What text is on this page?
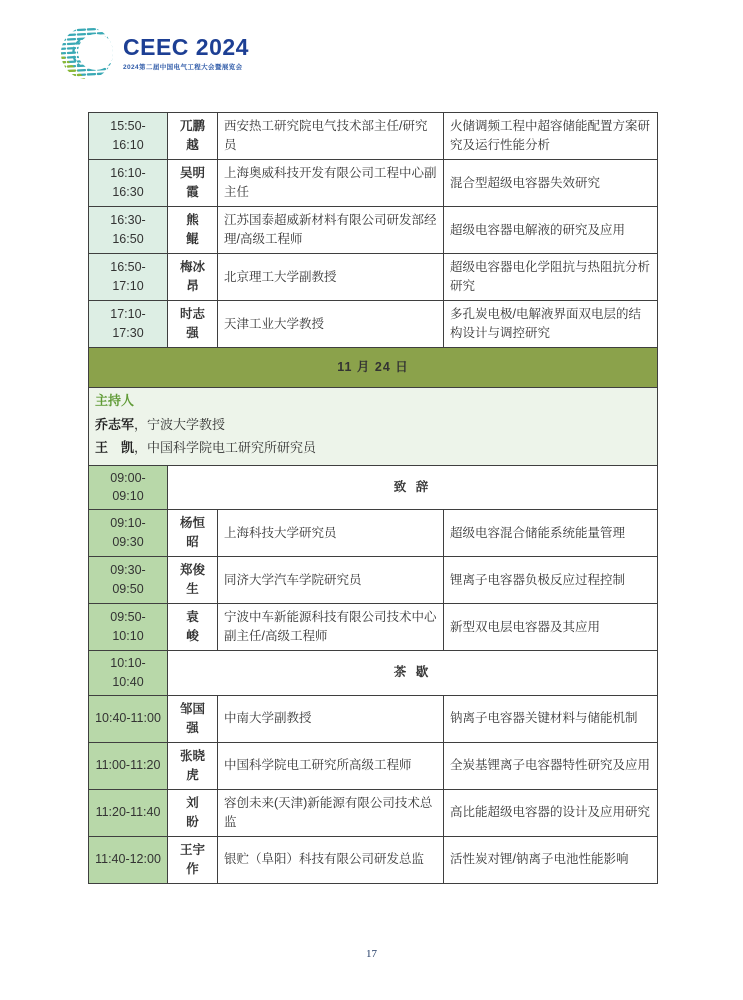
CEEC 2024
2024第二届中国电气工程大会暨展览会
15:50-16:10	兀鹏越	西安热工研究院电气技术部主任/研究员	火储调频工程中超容储能配置方案研究及运行性能分析
16:10-16:30	吴明霞	上海奥威科技开发有限公司工程中心副主任	混合型超级电容器失效研究
16:30-16:50	熊　鲲	江苏国泰超威新材料有限公司研发部经理/高级工程师	超级电容器电解液的研究及应用
16:50-17:10	梅冰昂	北京理工大学副教授	超级电容器电化学阻抗与热阻抗分析研究
17:10-17:30	时志强	天津工业大学教授	多孔炭电极/电解液界面双电层的结构设计与调控研究
11 月 24 日			

主持人
乔志军，宁波大学教授
王　凯，中国科学院电工研究所研究员			

09:00-09:10	致 辞		
09:10-09:30	杨恒昭	上海科技大学研究员	超级电容混合储能系统能量管理
09:30-09:50	郑俊生	同济大学汽车学院研究员	锂离子电容器负极反应过程控制
09:50-10:10	袁　峻	宁波中车新能源科技有限公司技术中心副主任/高级工程师	新型双电层电容器及其应用
10:10-10:40	茶 歇		
10:40-11:00	邹国强	中南大学副教授	钠离子电容器关键材料与储能机制
11:00-11:20	张晓虎	中国科学院电工研究所高级工程师	全炭基锂离子电容器特性研究及应用
11:20-11:40	刘　盼	容创未来(天津)新能源有限公司技术总监	高比能超级电容器的设计及应用研究
11:40-12:00	王宇作	银贮（阜阳）科技有限公司研发总监	活性炭对锂/钠离子电池性能影响
17
